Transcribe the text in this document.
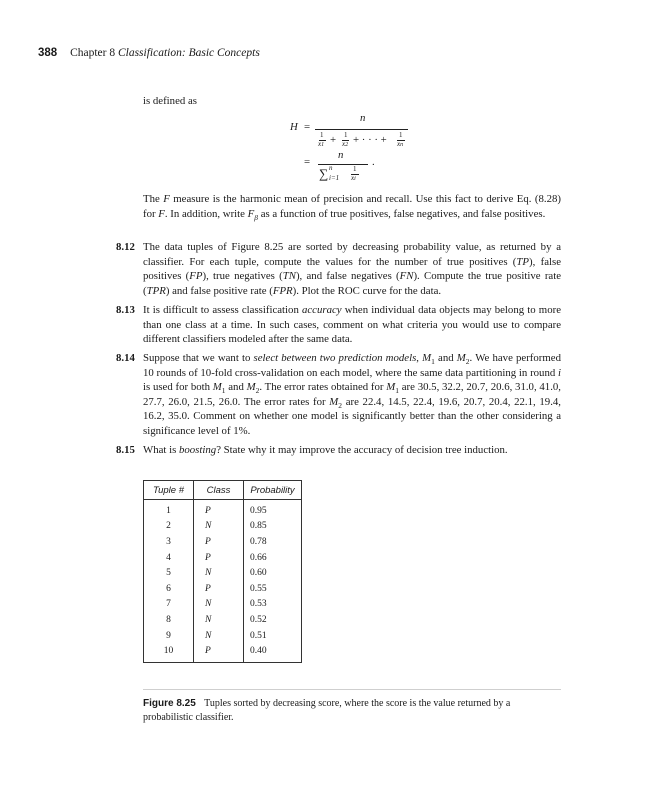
388 Chapter 8 Classification: Basic Concepts
is defined as
H =
n
1
x1 + 1
x2 + · · · + 1
xn
=
n
∑ n
i=1
1
xi
.
The F measure is the harmonic mean of precision and recall. Use this fact to derive Eq. (8.28) for F. In addition, write $F_\beta$ as a function of true positives, false negatives, and false positives.
8.12 The data tuples of Figure 8.25 are sorted by decreasing probability value, as returned by a classifier. For each tuple, compute the values for the number of true positives (TP), false positives (FP), true negatives (TN), and false negatives (FN). Compute the true positive rate (TPR) and false positive rate (FPR). Plot the ROC curve for the data.
8.13 It is difficult to assess classification accuracy when individual data objects may belong to more than one class at a time. In such cases, comment on what criteria you would use to compare different classifiers modeled after the same data.
8.14 Suppose that we want to select between two prediction models, $M_1$ and $M_2$. We have performed 10 rounds of 10-fold cross-validation on each model, where the same data partitioning in round i is used for both $M_1$ and $M_2$. The error rates obtained for $M_1$ are 30.5, 32.2, 20.7, 20.6, 31.0, 41.0, 27.7, 26.0, 21.5, 26.0. The error rates for $M_2$ are 22.4, 14.5, 22.4, 19.6, 20.7, 20.4, 22.1, 19.4, 16.2, 35.0. Comment on whether one model is significantly better than the other considering a significance level of 1%.
8.15 What is boosting? State why it may improve the accuracy of decision tree induction.
Tuple #	Class	Probability
1	P	0.95
2	N	0.85
3	P	0.78
4	P	0.66
5	N	0.60
6	P	0.55
7	N	0.53
8	N	0.52
9	N	0.51
10	P	0.40
Figure 8.25 Tuples sorted by decreasing score, where the score is the value returned by a probabilistic classifier.
